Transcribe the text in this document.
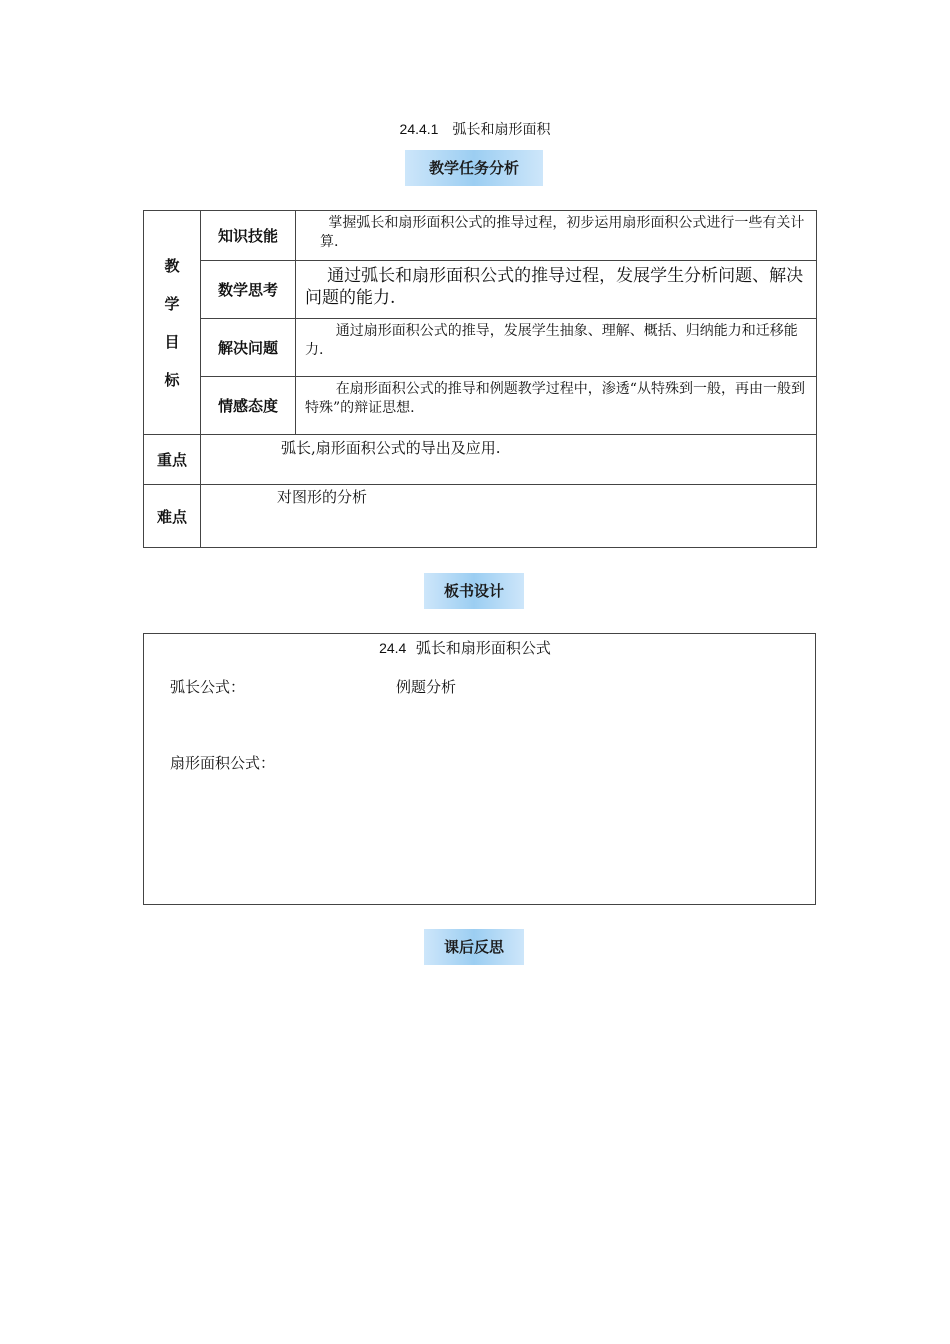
24.4.1　弧长和扇形面积
教学任务分析
教
学
目
标	知识技能	掌握弧长和扇形面积公式的推导过程，初步运用扇形面积公式进行一些有关计算.

	数学思考	通过弧长和扇形面积公式的推导过程，发展学生分析问题、解决问题的能力.

	解决问题	通过扇形面积公式的推导，发展学生抽象、理解、概括、归纳能力和迁移能力.

	情感态度	在扇形面积公式的推导和例题教学过程中，渗透“从特殊到一般，再由一般到特殊”的辩证思想.

重点	弧长,扇形面积公式的导出及应用.	

难点	对图形的分析	
板书设计
24.4 弧长和扇形面积公式
弧长公式：	例题分析
扇形面积公式：
课后反思
